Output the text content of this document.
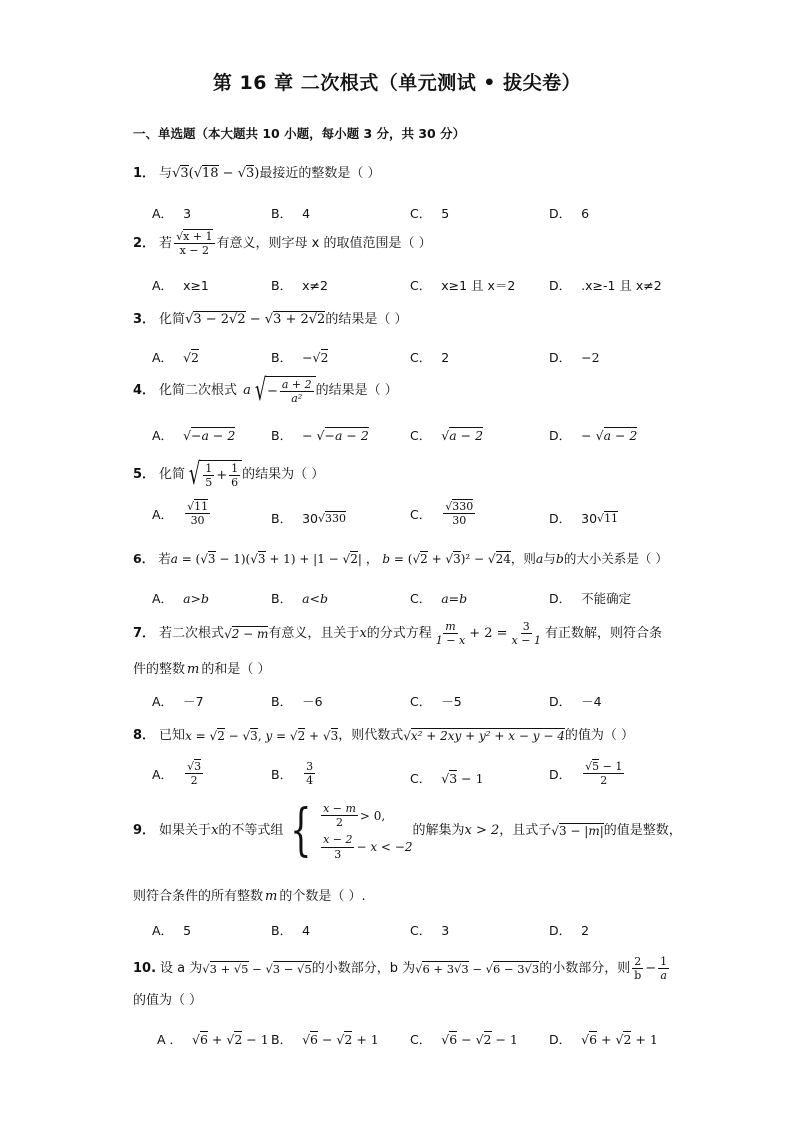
第 16 章 二次根式（单元测试 • 拔尖卷）
一、单选题（本大题共 10 小题，每小题 3 分，共 30 分）
1． 与 √3(√18 − √3) 最接近的整数是（ ）
A． 3	B． 4	C． 5	D． 6
2． 若 $\frac{√x + 1}{x - 2}$ 有意义，则字母 x 的取值范围是（ ）
A． x≥1	B． x≠2	C． x≥1 且 x＝2	D． .x≥-1 且 x≠2
3． 化简 √3 − 2√2 − √3 + 2√2 的结果是（ ）
A． √2	B． −√2	C． 2	D． −2
4． 化简二次根式 a √ − $\frac{a + 2}{\text{a²}}$ 的结果是（ ）
A． √−a − 2	B． − √−a − 2	C． √a − 2	D． − √a − 2
5． 化简 √ $\frac{1}{5} + \frac{1}{6}$ 的结果为（ ）
A． $\frac{√11}{30}$	B． 30 √330	C． $\frac{√330}{30}$	D． 30 √11
6． 若 a = (√3 − 1)(√3 + 1) + |1 − √2| ， b = (√2 + √3)² − √24 ，则 a 与 b 的大小关系是（ ）
A． a>b	B． a<b	C． a=b	D． 不能确定
7． 若二次根式 √2 − m 有意义，且关于 x 的分式方程 $\frac{m}{1 - x} + 2 = \frac{3}{x - 1}$ 有正数解，则符合条
件的整数 m 的和是（ ）
A． －7	B． －6	C． －5	D． －4
8． 已知 x = √2 − √3, y = √2 + √3 ，则代数式 √x² + 2xy + y² + x − y − 4 的值为（ ）
A． $\frac{√3}{2}$	B． $\frac{3}{4}$	C． √3 − 1	D． $\frac{√5 - 1}{2}$
9． 如果关于 x 的不等式组 { $\frac{x - m}{2} > 0$,
$\frac{x - 2}{3} - x < -2$
的解集为 x > 2 ，且式子 √3 − |m| 的值是整数，
则符合条件的所有整数 m 的个数是（ ）.
A． 5	B． 4	C． 3	D． 2
10. 设 a 为 √3 + √5 − √3 − √5 的小数部分，b 为 √6 + 3√3 − √6 − 3√3 的小数部分，则 $\frac{2}{b} - \frac{1}{a}$
的值为（ ）
A ． √6 + √2 − 1 B． √6 − √2 + 1	C． √6 − √2 − 1 D． √6 + √2 + 1
